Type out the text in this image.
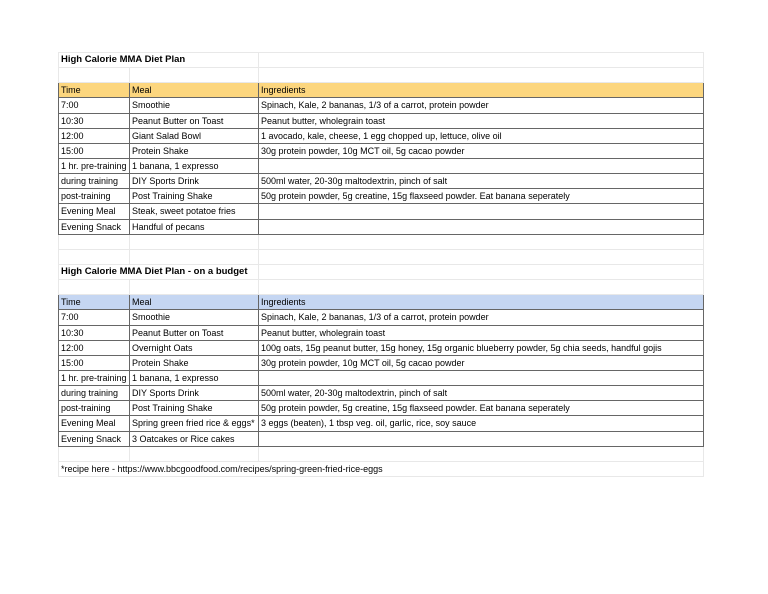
High Calorie MMA Diet Plan		

Time	Meal	Ingredients
7:00	Smoothie	Spinach, Kale, 2 bananas, 1/3 of a carrot, protein powder
10:30	Peanut Butter on Toast	Peanut butter, wholegrain toast
12:00	Giant Salad Bowl	1 avocado, kale, cheese, 1 egg chopped up, lettuce, olive oil
15:00	Protein Shake	30g protein powder, 10g MCT oil, 5g cacao powder
1 hr. pre-training	1 banana, 1 expresso	
during training	DIY Sports Drink	500ml water, 20-30g maltodextrin, pinch of salt
post-training	Post Training Shake	50g protein powder, 5g creatine, 15g flaxseed powder. Eat banana seperately
Evening Meal	Steak, sweet potatoe fries	
Evening Snack	Handful of pecans	

High Calorie MMA Diet Plan - on a budget		

Time	Meal	Ingredients
7:00	Smoothie	Spinach, Kale, 2 bananas, 1/3 of a carrot, protein powder
10:30	Peanut Butter on Toast	Peanut butter, wholegrain toast
12:00	Overnight Oats	100g oats, 15g peanut butter, 15g honey, 15g organic blueberry powder, 5g chia seeds, handful gojis
15:00	Protein Shake	30g protein powder, 10g MCT oil, 5g cacao powder
1 hr. pre-training	1 banana, 1 expresso	
during training	DIY Sports Drink	500ml water, 20-30g maltodextrin, pinch of salt
post-training	Post Training Shake	50g protein powder, 5g creatine, 15g flaxseed powder. Eat banana seperately
Evening Meal	Spring green fried rice & eggs*	3 eggs (beaten), 1 tbsp veg. oil, garlic, rice, soy sauce
Evening Snack	3 Oatcakes or Rice cakes	

*recipe here - https://www.bbcgoodfood.com/recipes/spring-green-fried-rice-eggs		
